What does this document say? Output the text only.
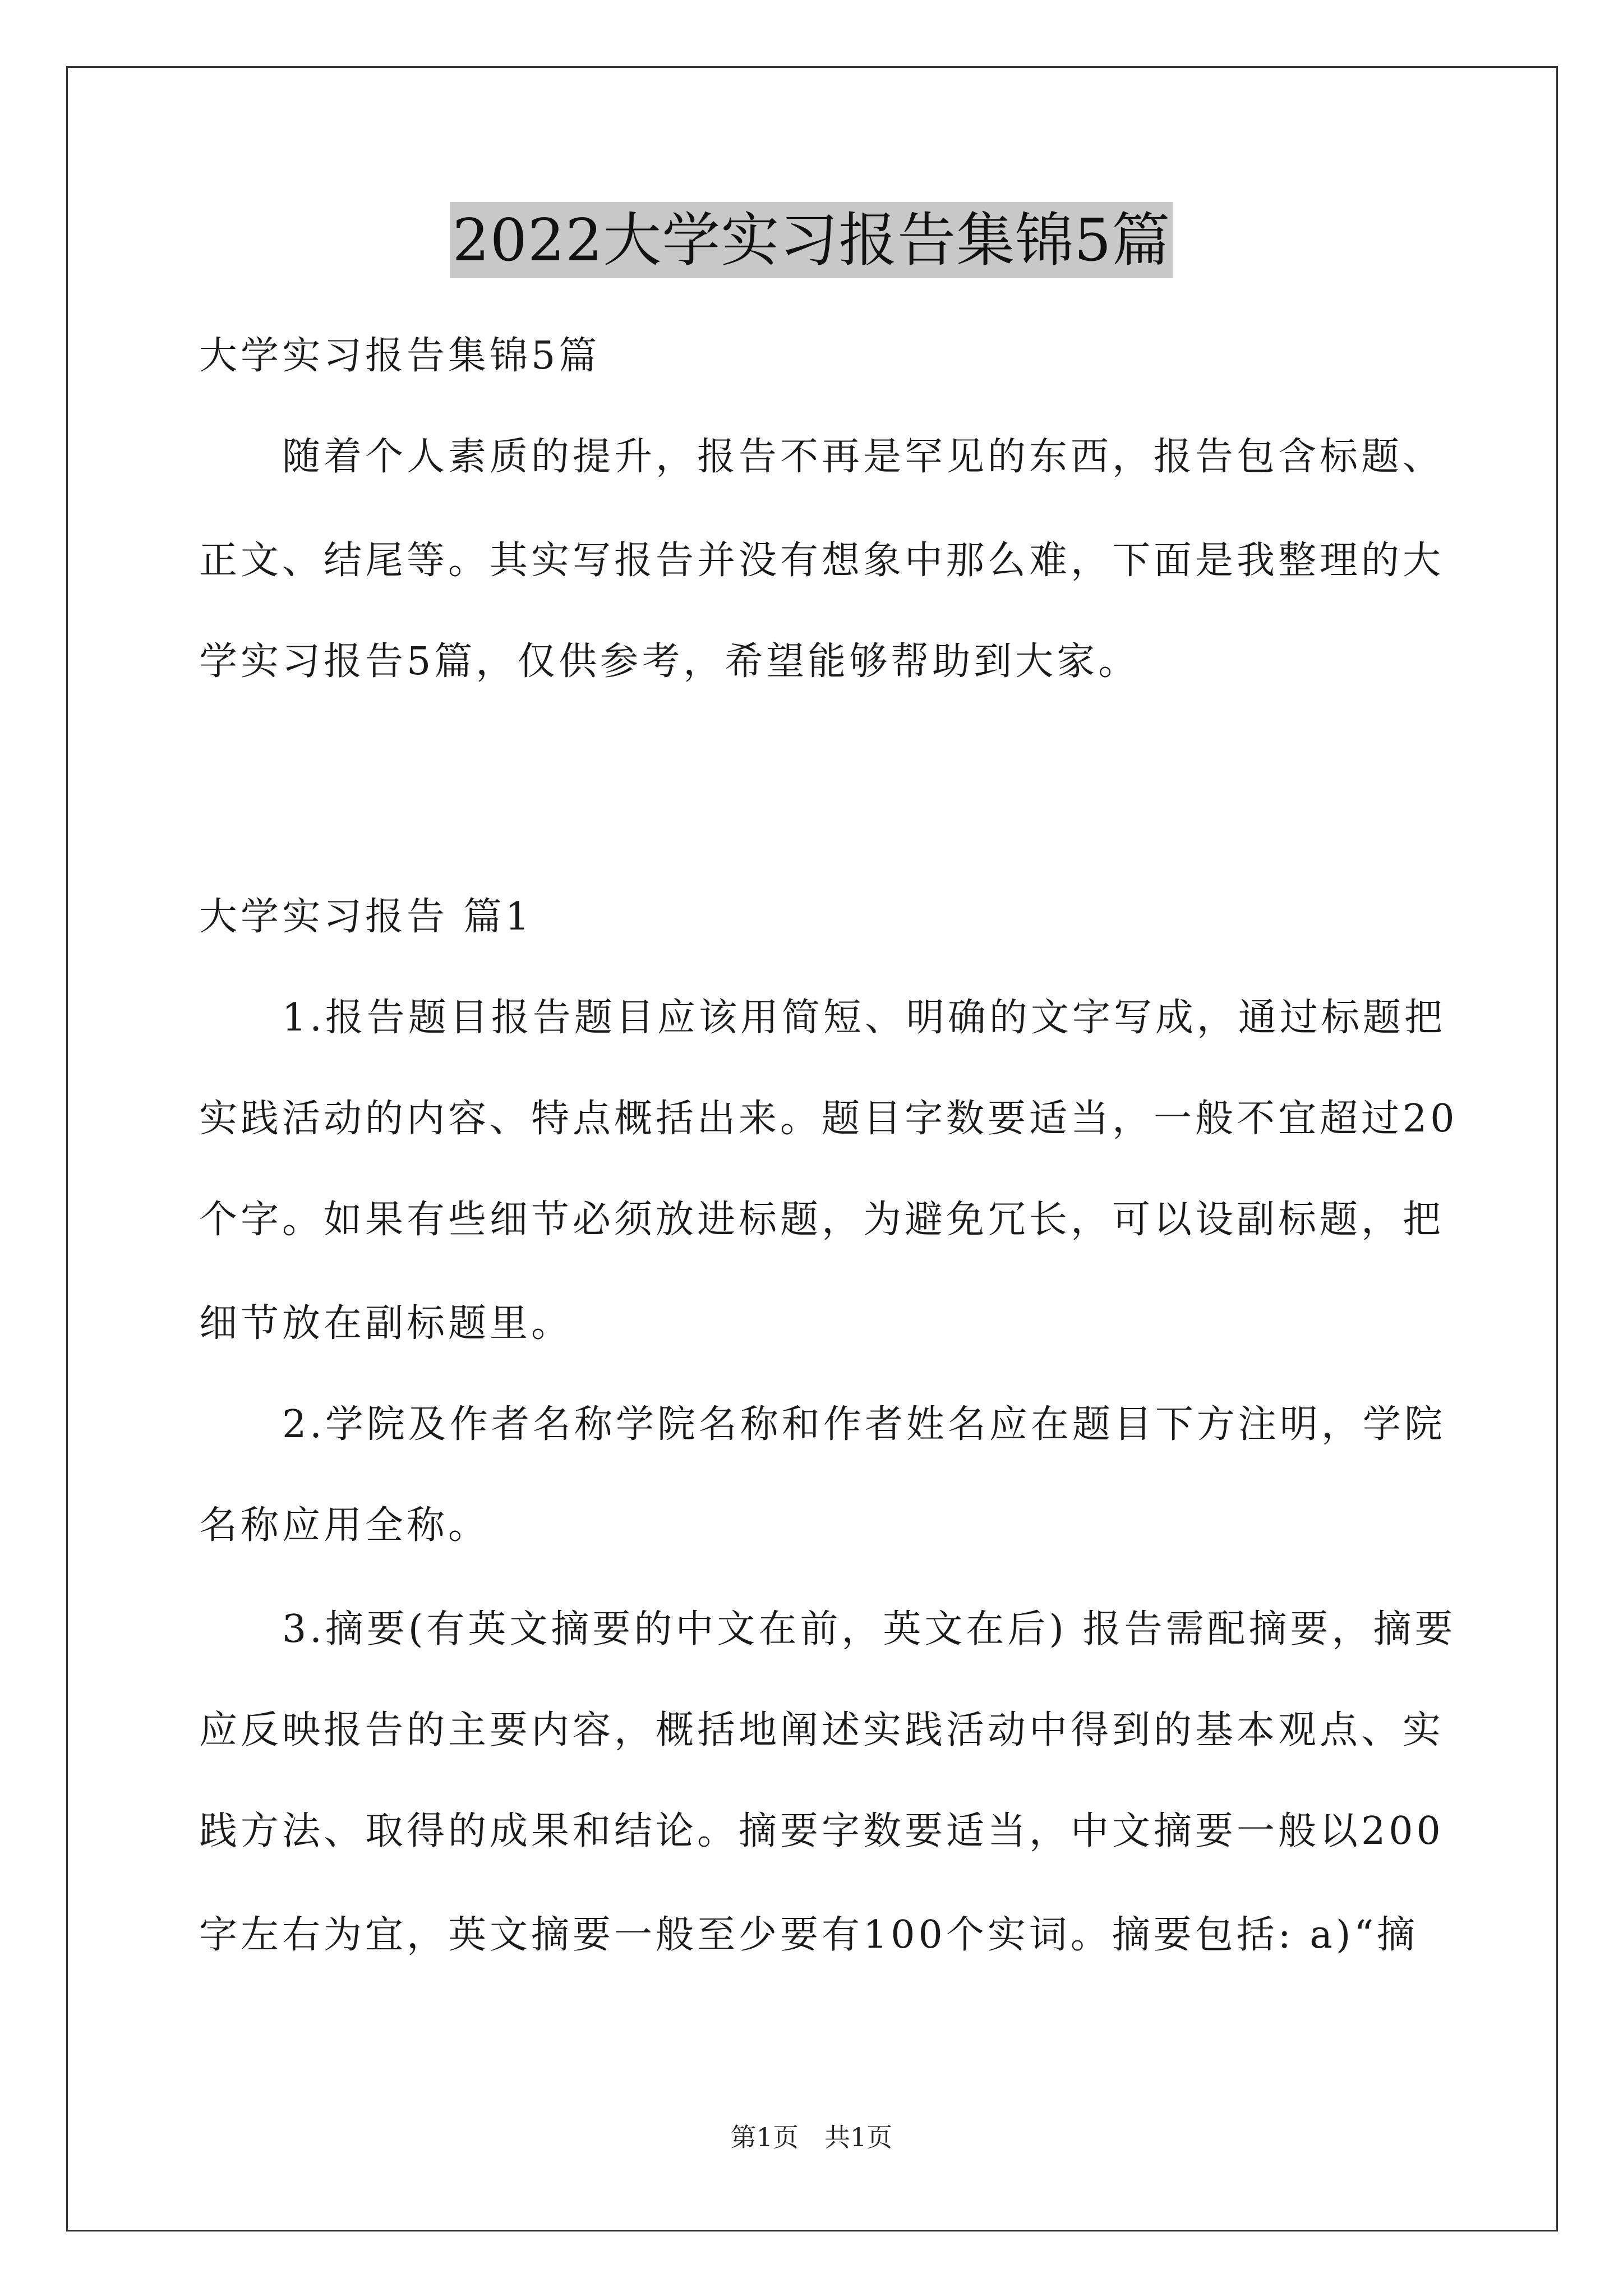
2022大学实习报告集锦5篇
大学实习报告集锦5篇
　　随着个人素质的提升，报告不再是罕见的东西，报告包含标题、
正文、结尾等。其实写报告并没有想象中那么难，下面是我整理的大
学实习报告5篇，仅供参考，希望能够帮助到大家。
大学实习报告 篇1
　　1.报告题目报告题目应该用简短、明确的文字写成，通过标题把
实践活动的内容、特点概括出来。题目字数要适当，一般不宜超过20
个字。如果有些细节必须放进标题，为避免冗长，可以设副标题，把
细节放在副标题里。
　　2.学院及作者名称学院名称和作者姓名应在题目下方注明，学院
名称应用全称。
　　3.摘要(有英文摘要的中文在前，英文在后) 报告需配摘要，摘要
应反映报告的主要内容，概括地阐述实践活动中得到的基本观点、实
践方法、取得的成果和结论。摘要字数要适当，中文摘要一般以200
字左右为宜，英文摘要一般至少要有100个实词。摘要包括: a)“摘
第1页　共1页
